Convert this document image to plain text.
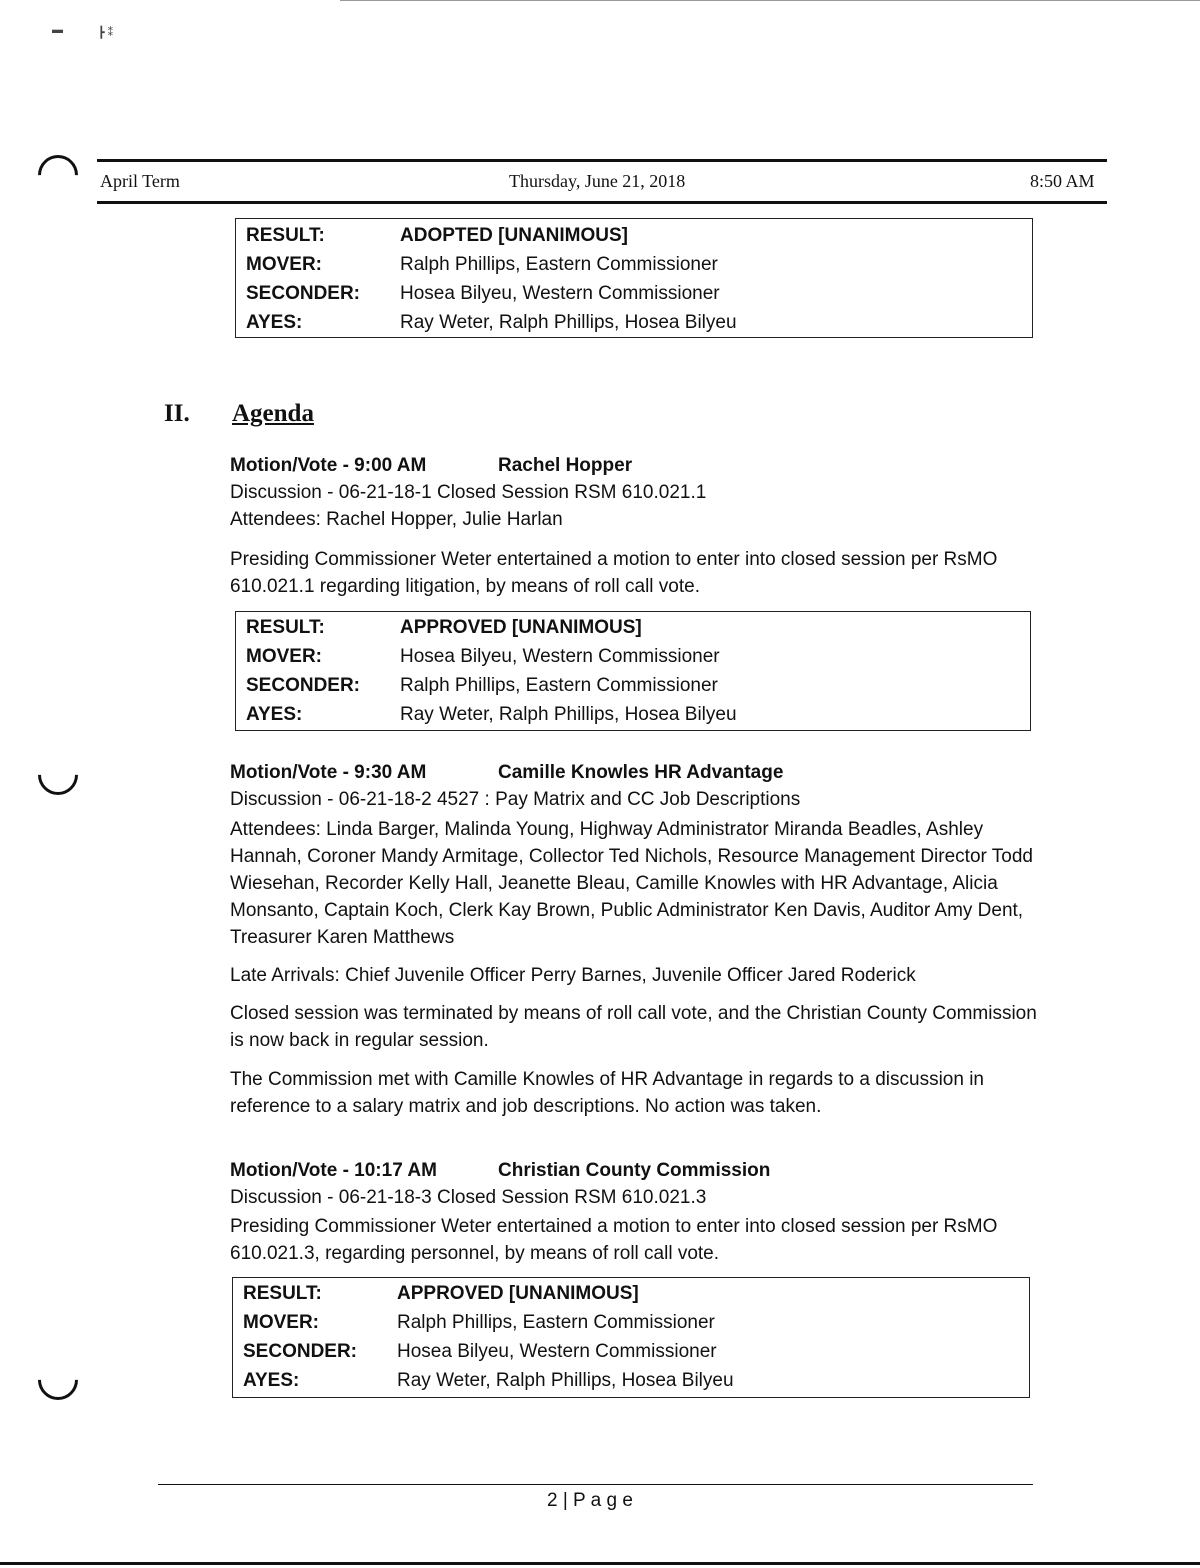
▬	┣ ⁑
April Term	Thursday, June 21, 2018	8:50 AM
RESULT:	ADOPTED [UNANIMOUS]
MOVER:	Ralph Phillips, Eastern Commissioner
SECONDER: Hosea Bilyeu, Western Commissioner
AYES:	Ray Weter, Ralph Phillips, Hosea Bilyeu
II. Agenda
Motion/Vote - 9:00 AM	Rachel Hopper
Discussion - 06-21-18-1 Closed Session RSM 610.021.1
Attendees: Rachel Hopper, Julie Harlan
Presiding Commissioner Weter entertained a motion to enter into closed session per RsMO 610.021.1 regarding litigation, by means of roll call vote.
RESULT:	APPROVED [UNANIMOUS]
MOVER:	Hosea Bilyeu, Western Commissioner
SECONDER: Ralph Phillips, Eastern Commissioner
AYES:	Ray Weter, Ralph Phillips, Hosea Bilyeu
Motion/Vote - 9:30 AM	Camille Knowles HR Advantage
Discussion - 06-21-18-2 4527 : Pay Matrix and CC Job Descriptions
Attendees: Linda Barger, Malinda Young, Highway Administrator Miranda Beadles, Ashley Hannah, Coroner Mandy Armitage, Collector Ted Nichols, Resource Management Director Todd Wiesehan, Recorder Kelly Hall, Jeanette Bleau, Camille Knowles with HR Advantage, Alicia Monsanto, Captain Koch, Clerk Kay Brown, Public Administrator Ken Davis, Auditor Amy Dent, Treasurer Karen Matthews
Late Arrivals: Chief Juvenile Officer Perry Barnes, Juvenile Officer Jared Roderick
Closed session was terminated by means of roll call vote, and the Christian County Commission is now back in regular session.
The Commission met with Camille Knowles of HR Advantage in regards to a discussion in reference to a salary matrix and job descriptions. No action was taken.
Motion/Vote - 10:17 AM	Christian County Commission
Discussion - 06-21-18-3 Closed Session RSM 610.021.3
Presiding Commissioner Weter entertained a motion to enter into closed session per RsMO 610.021.3, regarding personnel, by means of roll call vote.
RESULT:	APPROVED [UNANIMOUS]
MOVER:	Ralph Phillips, Eastern Commissioner
SECONDER: Hosea Bilyeu, Western Commissioner
AYES:	Ray Weter, Ralph Phillips, Hosea Bilyeu
2 | P a g e
